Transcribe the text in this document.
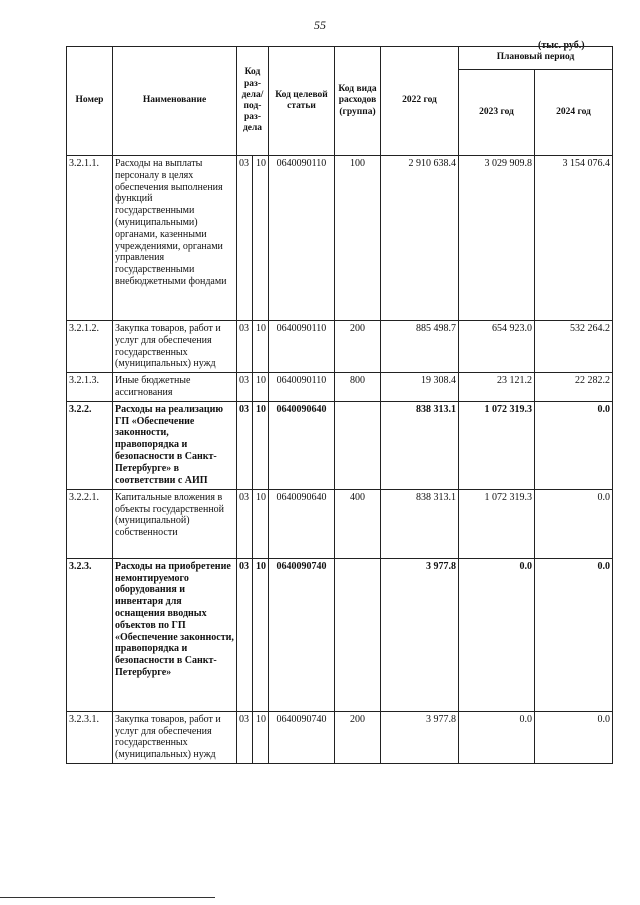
55
(тыс. руб.)
Номер	Наименование	Код раз-дела/ под-раз-дела		Код целевой статьи	Код вида расходов (группа)	2022 год	Плановый период	
							2023 год	2024 год
3.2.1.1.	Расходы на выплаты персоналу в целях обеспечения выполнения функций государственными (муниципальными) органами, казенными учреждениями, органами управления государственными внебюджетными фондами	03	10	0640090110	100	2 910 638.4	3 029 909.8	3 154 076.4
3.2.1.2.	Закупка товаров, работ и услуг для обеспечения государственных (муниципальных) нужд	03	10	0640090110	200	885 498.7	654 923.0	532 264.2
3.2.1.3.	Иные бюджетные ассигнования	03	10	0640090110	800	19 308.4	23 121.2	22 282.2
3.2.2.	Расходы на реализацию ГП «Обеспечение законности, правопорядка и безопасности в Санкт-Петербурге» в соответствии с АИП	03	10	0640090640		838 313.1	1 072 319.3	0.0
3.2.2.1.	Капитальные вложения в объекты государственной (муниципальной) собственности	03	10	0640090640	400	838 313.1	1 072 319.3	0.0
3.2.3.	Расходы на приобретение немонтируемого оборудования и инвентаря для оснащения вводных объектов по ГП «Обеспечение законности, правопорядка и безопасности в Санкт-Петербурге»	03	10	0640090740		3 977.8	0.0	0.0
3.2.3.1.	Закупка товаров, работ и услуг для обеспечения государственных (муниципальных) нужд	03	10	0640090740	200	3 977.8	0.0	0.0
